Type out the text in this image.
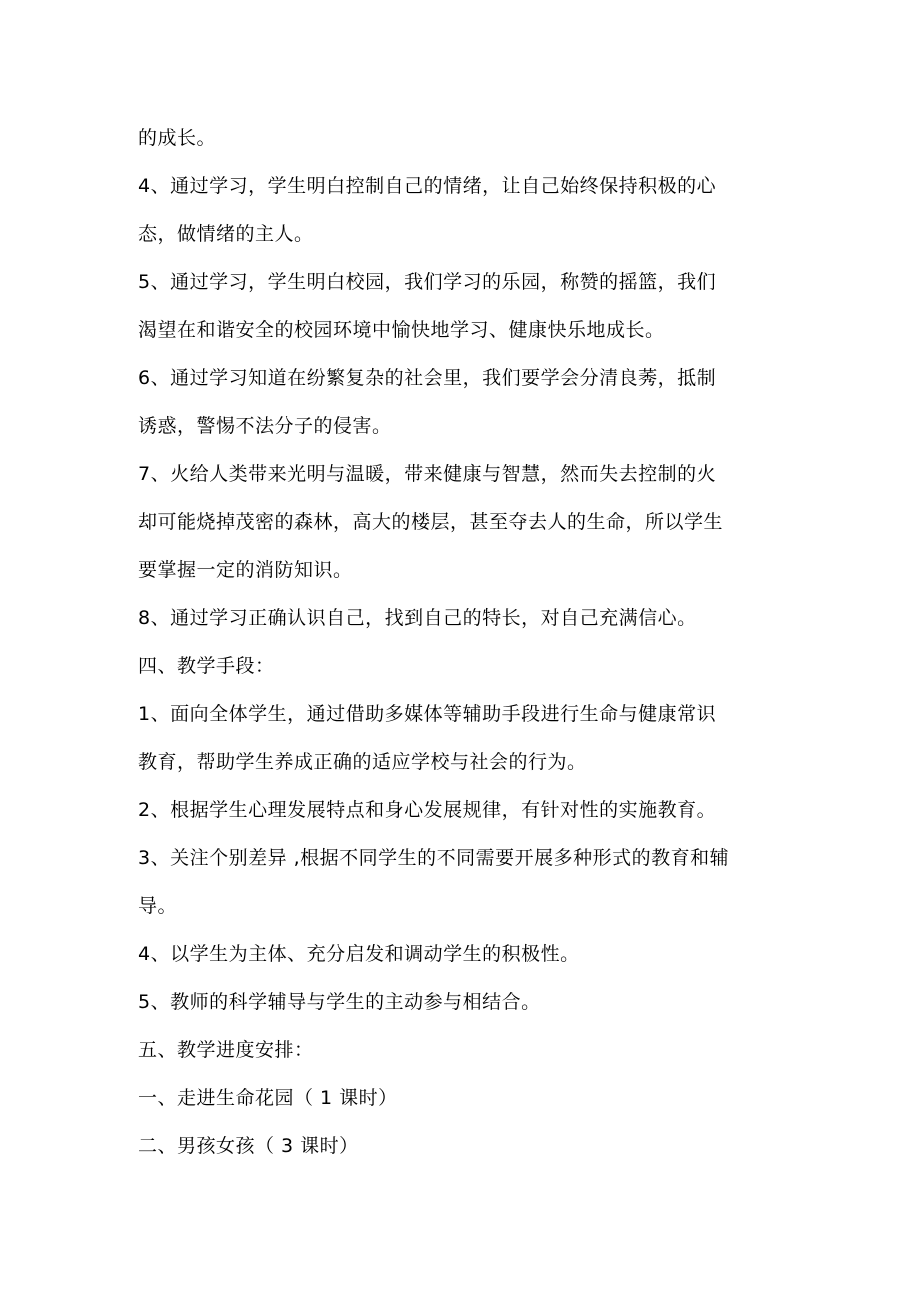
的成长。

4、通过学习，学生明白控制自己的情绪，让自己始终保持积极的心

态，做情绪的主人。

5、通过学习，学生明白校园，我们学习的乐园，称赞的摇篮，我们

渴望在和谐安全的校园环境中愉快地学习、健康快乐地成长。

6、通过学习知道在纷繁复杂的社会里，我们要学会分清良莠，抵制

诱惑，警惕不法分子的侵害。

7、火给人类带来光明与温暖，带来健康与智慧，然而失去控制的火

却可能烧掉茂密的森林，高大的楼层，甚至夺去人的生命，所以学生

要掌握一定的消防知识。

8、通过学习正确认识自己，找到自己的特长，对自己充满信心。

四、教学手段：

1、面向全体学生，通过借助多媒体等辅助手段进行生命与健康常识

教育，帮助学生养成正确的适应学校与社会的行为。

2、根据学生心理发展特点和身心发展规律，有针对性的实施教育。

3、关注个别差异 ,根据不同学生的不同需要开展多种形式的教育和辅

导。

4、以学生为主体、充分启发和调动学生的积极性。

5、教师的科学辅导与学生的主动参与相结合。

五、教学进度安排：

一、走进生命花园（ 1 课时）

二、男孩女孩（ 3 课时）
